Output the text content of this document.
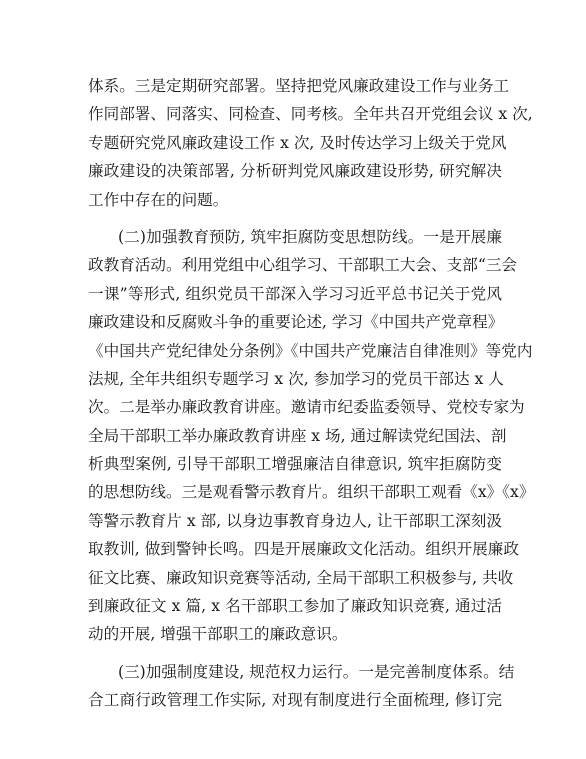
体系。三是定期研究部署。坚持把党风廉政建设工作与业务工
作同部署、同落实、同检查、同考核。全年共召开党组会议 x 次,
专题研究党风廉政建设工作 x 次, 及时传达学习上级关于党风
廉政建设的决策部署, 分析研判党风廉政建设形势, 研究解决
工作中存在的问题。
(二)加强教育预防, 筑牢拒腐防变思想防线。一是开展廉
政教育活动。利用党组中心组学习、干部职工大会、支部“三会
一课”等形式, 组织党员干部深入学习习近平总书记关于党风
廉政建设和反腐败斗争的重要论述, 学习《中国共产党章程》
《中国共产党纪律处分条例》《中国共产党廉洁自律准则》等党内
法规, 全年共组织专题学习 x 次, 参加学习的党员干部达 x 人
次。二是举办廉政教育讲座。邀请市纪委监委领导、党校专家为
全局干部职工举办廉政教育讲座 x 场, 通过解读党纪国法、剖
析典型案例, 引导干部职工增强廉洁自律意识, 筑牢拒腐防变
的思想防线。三是观看警示教育片。组织干部职工观看《x》《x》
等警示教育片 x 部, 以身边事教育身边人, 让干部职工深刻汲
取教训, 做到警钟长鸣。四是开展廉政文化活动。组织开展廉政
征文比赛、廉政知识竞赛等活动, 全局干部职工积极参与, 共收
到廉政征文 x 篇, x 名干部职工参加了廉政知识竞赛, 通过活
动的开展, 增强干部职工的廉政意识。
(三)加强制度建设, 规范权力运行。一是完善制度体系。结
合工商行政管理工作实际, 对现有制度进行全面梳理, 修订完
